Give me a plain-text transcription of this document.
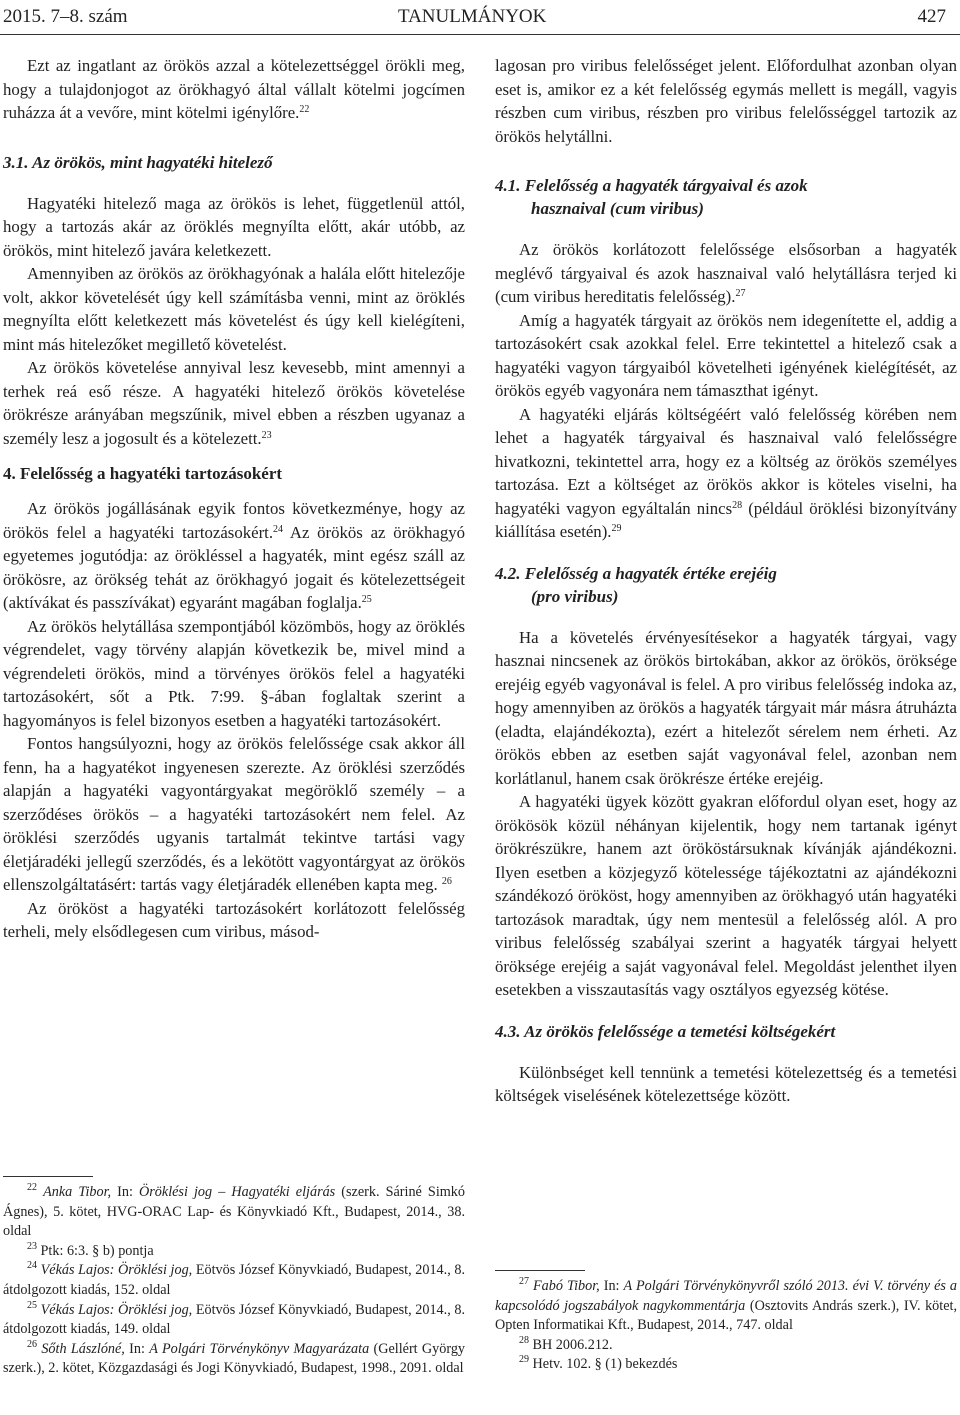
2015. 7–8. szám	TANULMÁNYOK	427

Ezt az ingatlant az örökös azzal a kötelezettséggel örökli meg, hogy a tulajdonjogot az örökhagyó által vállalt kötelmi jogcímen ruházza át a vevőre, mint kötelmi igénylőre.$^{22}$

3.1. Az örökös, mint hagyatéki hitelező

Hagyatéki hitelező maga az örökös is lehet, függetlenül attól, hogy a tartozás akár az öröklés megnyílta előtt, akár utóbb, az örökös, mint hitelező javára keletkezett.

Amennyiben az örökös az örökhagyónak a halála előtt hitelezője volt, akkor követelését úgy kell számításba venni, mint az öröklés megnyílta előtt keletkezett más követelést és úgy kell kielégíteni, mint más hitelezőket megillető követelést.

Az örökös követelése annyival lesz kevesebb, mint amennyi a terhek reá eső része. A hagyatéki hitelező örökös követelése örökrésze arányában megszűnik, mivel ebben a részben ugyanaz a személy lesz a jogosult és a kötelezett.$^{23}$

4. Felelősség a hagyatéki tartozásokért

Az örökös jogállásának egyik fontos következménye, hogy az örökös felel a hagyatéki tartozásokért.$^{24}$ Az örökös az örökhagyó egyetemes jogutódja: az örökléssel a hagyaték, mint egész száll az örökösre, az örökség tehát az örökhagyó jogait és kötelezettségeit (aktívákat és passzívákat) egyaránt magában foglalja.$^{25}$

Az örökös helytállása szempontjából közömbös, hogy az öröklés végrendelet, vagy törvény alapján következik be, mivel mind a végrendeleti örökös, mind a törvényes örökös felel a hagyatéki tartozásokért, sőt a Ptk. 7:99. §-ában foglaltak szerint a hagyományos is felel bizonyos esetben a hagyatéki tartozásokért.

Fontos hangsúlyozni, hogy az örökös felelőssége csak akkor áll fenn, ha a hagyatékot ingyenesen szerezte. Az öröklési szerződés alapján a hagyatéki vagyontárgyakat megöröklő személy – a szerződéses örökös – a hagyatéki tartozásokért nem felel. Az öröklési szerződés ugyanis tartalmát tekintve tartási vagy életjáradéki jellegű szerződés, és a lekötött vagyontárgyat az örökös ellenszolgáltatásért: tartás vagy életjáradék ellenében kapta meg. $^{26}$

Az örököst a hagyatéki tartozásokért korlátozott felelősség terheli, mely elsődlegesen cum viribus, másod-

$^{22}$ Anka Tibor, In: Öröklési jog – Hagyatéki eljárás (szerk. Sáriné Simkó Ágnes), 5. kötet, HVG-ORAC Lap- és Könyvkiadó Kft., Budapest, 2014., 38. oldal

$^{23}$ Ptk: 6:3. § b) pontja

$^{24}$ Vékás Lajos: Öröklési jog, Eötvös József Könyvkiadó, Budapest, 2014., 8. átdolgozott kiadás, 152. oldal

$^{25}$ Vékás Lajos: Öröklési jog, Eötvös József Könyvkiadó, Budapest, 2014., 8. átdolgozott kiadás, 149. oldal

$^{26}$ Sőth Lászlóné, In: A Polgári Törvénykönyv Magyarázata (Gellért György szerk.), 2. kötet, Közgazdasági és Jogi Könyvkiadó, Budapest, 1998., 2091. oldal

lagosan pro viribus felelősséget jelent. Előfordulhat azonban olyan eset is, amikor ez a két felelősség egymás mellett is megáll, vagyis részben cum viribus, részben pro viribus felelősséggel tartozik az örökös helytállni.

4.1. Felelősség a hagyaték tárgyaival és azok

hasznaival (cum viribus)

Az örökös korlátozott felelőssége elsősorban a hagyaték meglévő tárgyaival és azok hasznaival való helytállásra terjed ki (cum viribus hereditatis felelősség).$^{27}$

Amíg a hagyaték tárgyait az örökös nem idegenítette el, addig a tartozásokért csak azokkal felel. Erre tekintettel a hitelező csak a hagyatéki vagyon tárgyaiból követelheti igényének kielégítését, az örökös egyéb vagyonára nem támaszthat igényt.

A hagyatéki eljárás költségéért való felelősség körében nem lehet a hagyaték tárgyaival és hasznaival való felelősségre hivatkozni, tekintettel arra, hogy ez a költség az örökös személyes tartozása. Ezt a költséget az örökös akkor is köteles viselni, ha hagyatéki vagyon egyáltalán nincs$^{28}$ (például öröklési bizonyítvány kiállítása esetén).$^{29}$

4.2. Felelősség a hagyaték értéke erejéig

(pro viribus)

Ha a követelés érvényesítésekor a hagyaték tárgyai, vagy hasznai nincsenek az örökös birtokában, akkor az örökös, öröksége erejéig egyéb vagyonával is felel. A pro viribus felelősség indoka az, hogy amennyiben az örökös a hagyaték tárgyait már másra átruházta (eladta, elajándékozta), ezért a hitelezőt sérelem nem érheti. Az örökös ebben az esetben saját vagyonával felel, azonban nem korlátlanul, hanem csak örökrésze értéke erejéig.

A hagyatéki ügyek között gyakran előfordul olyan eset, hogy az örökösök közül néhányan kijelentik, hogy nem tartanak igényt örökrészükre, hanem azt örököstársuknak kívánják ajándékozni. Ilyen esetben a közjegyző kötelessége tájékoztatni az ajándékozni szándékozó örököst, hogy amennyiben az örökhagyó után hagyatéki tartozások maradtak, úgy nem mentesül a felelősség alól. A pro viribus felelősség szabályai szerint a hagyaték tárgyai helyett öröksége erejéig a saját vagyonával felel. Megoldást jelenthet ilyen esetekben a visszautasítás vagy osztályos egyezség kötése.

4.3. Az örökös felelőssége a temetési költségekért

Különbséget kell tennünk a temetési kötelezettség és a temetési költségek viselésének kötelezettsége között.

$^{27}$ Fabó Tibor, In: A Polgári Törvénykönyvről szóló 2013. évi V. törvény és a kapcsolódó jogszabályok nagykommentárja (Osztovits András szerk.), IV. kötet, Opten Informatikai Kft., Budapest, 2014., 747. oldal

$^{28}$ BH 2006.212.

$^{29}$ Hetv. 102. § (1) bekezdés
